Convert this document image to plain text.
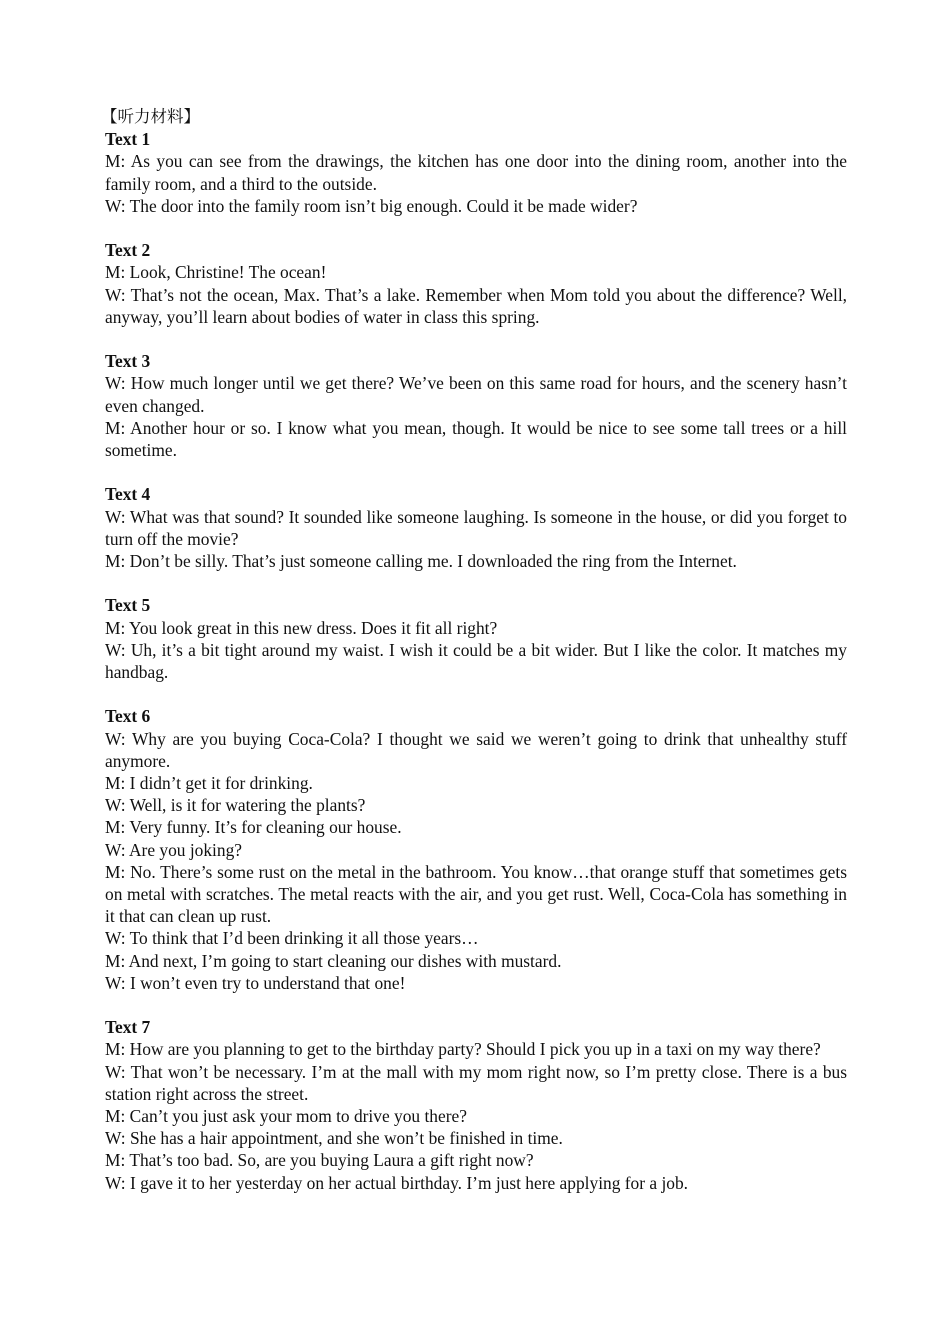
【听力材料】
Text 1
M: As you can see from the drawings, the kitchen has one door into the dining room, another into the family room, and a third to the outside.
W: The door into the family room isn’t big enough. Could it be made wider?
Text 2
M: Look, Christine! The ocean!
W: That’s not the ocean, Max. That’s a lake. Remember when Mom told you about the difference? Well, anyway, you’ll learn about bodies of water in class this spring.
Text 3
W: How much longer until we get there? We’ve been on this same road for hours, and the scenery hasn’t even changed.
M: Another hour or so. I know what you mean, though. It would be nice to see some tall trees or a hill sometime.
Text 4
W: What was that sound? It sounded like someone laughing. Is someone in the house, or did you forget to turn off the movie?
M: Don’t be silly. That’s just someone calling me. I downloaded the ring from the Internet.
Text 5
M: You look great in this new dress. Does it fit all right?
W: Uh, it’s a bit tight around my waist. I wish it could be a bit wider. But I like the color. It matches my handbag.
Text 6
W: Why are you buying Coca-Cola? I thought we said we weren’t going to drink that unhealthy stuff anymore.
M: I didn’t get it for drinking.
W: Well, is it for watering the plants?
M: Very funny. It’s for cleaning our house.
W: Are you joking?
M: No. There’s some rust on the metal in the bathroom. You know…that orange stuff that sometimes gets on metal with scratches. The metal reacts with the air, and you get rust. Well, Coca-Cola has something in it that can clean up rust.
W: To think that I’d been drinking it all those years…
M: And next, I’m going to start cleaning our dishes with mustard.
W: I won’t even try to understand that one!
Text 7
M: How are you planning to get to the birthday party? Should I pick you up in a taxi on my way there?
W: That won’t be necessary. I’m at the mall with my mom right now, so I’m pretty close. There is a bus station right across the street.
M: Can’t you just ask your mom to drive you there?
W: She has a hair appointment, and she won’t be finished in time.
M: That’s too bad. So, are you buying Laura a gift right now?
W: I gave it to her yesterday on her actual birthday. I’m just here applying for a job.
